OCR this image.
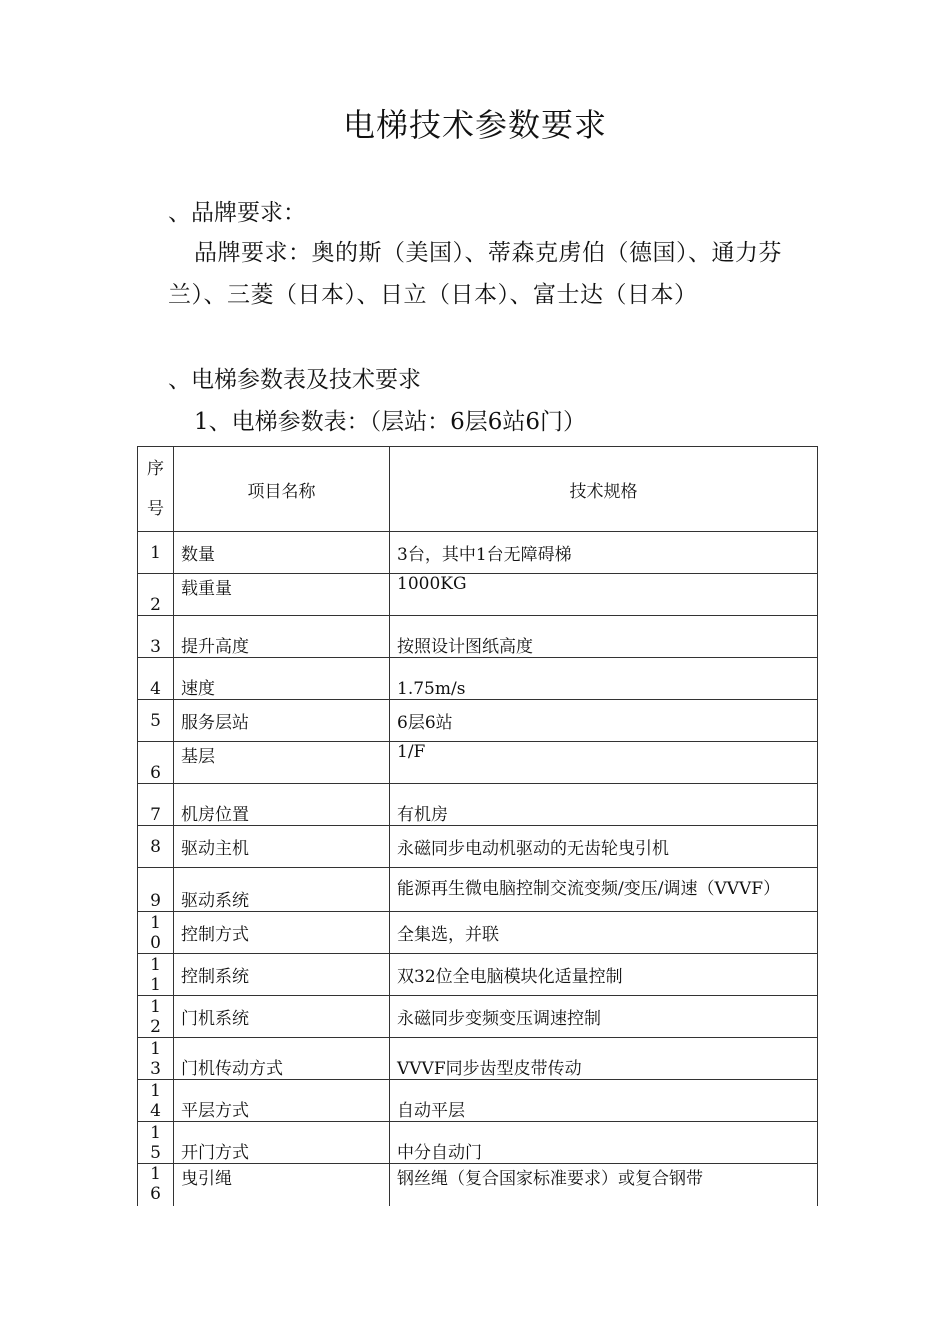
电梯技术参数要求
、品牌要求：
品牌要求：奥的斯（美国）、蒂森克虏伯（德国）、通力芬兰）、三菱（日本）、日立（日本）、富士达（日本）
、电梯参数表及技术要求
1、电梯参数表：（层站：6层6站6门）
序号	项目名称	技术规格
1	数量	3台，其中1台无障碍梯
2	载重量	1000KG
3	提升高度	按照设计图纸高度
4	速度	1.75m/s
5	服务层站	6层6站
6	基层	1/F
7	机房位置	有机房
8	驱动主机	永磁同步电动机驱动的无齿轮曳引机
9	驱动系统	能源再生微电脑控制交流变频/变压/调速（VVVF）

10	控制方式	全集选，并联

11	控制系统	双32位全电脑模块化适量控制

12	门机系统	永磁同步变频变压调速控制

13	门机传动方式	VVVF同步齿型皮带传动

14	平层方式	自动平层

15	开门方式	中分自动门

16	曳引绳	钢丝绳（复合国家标准要求）或复合钢带
